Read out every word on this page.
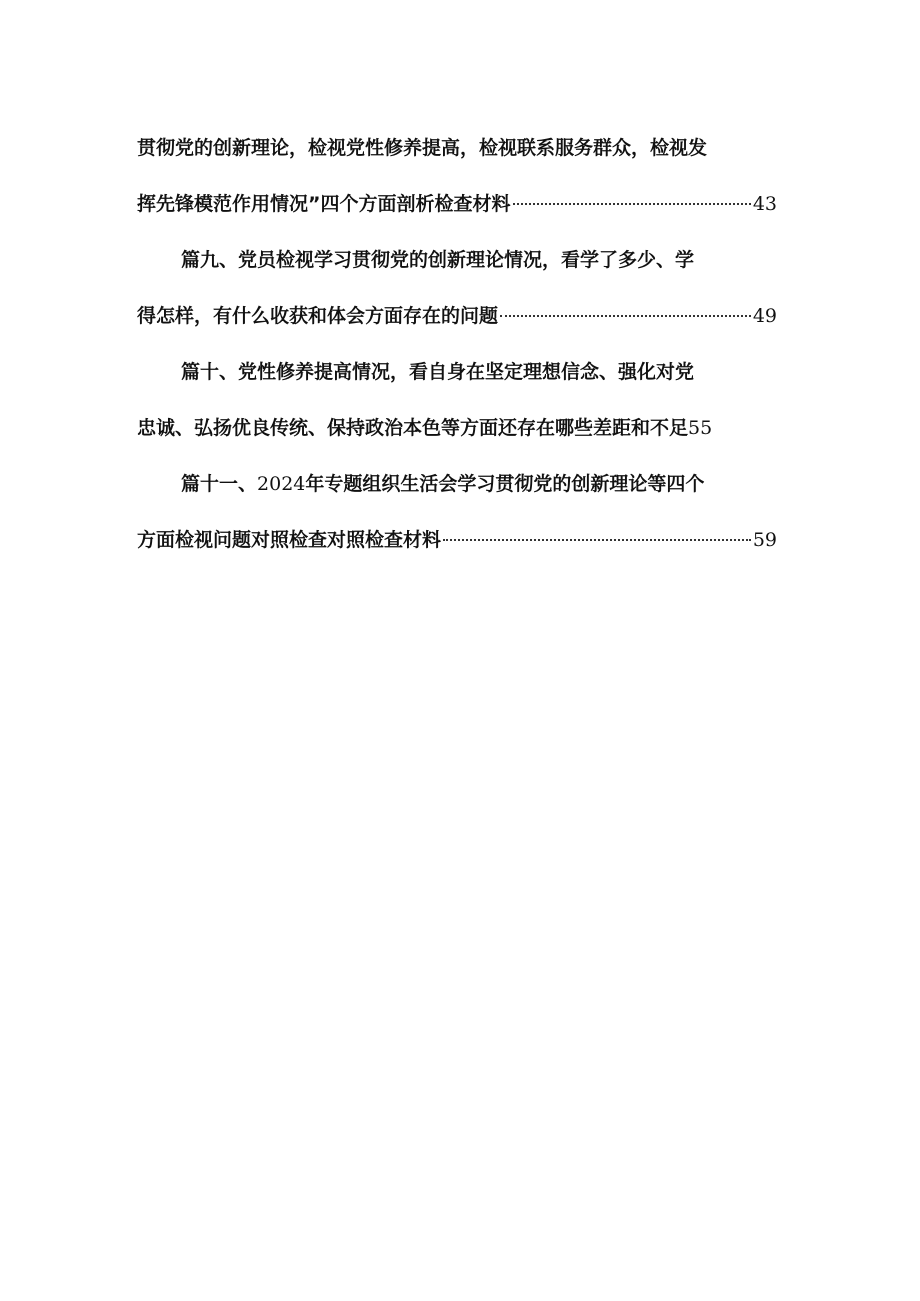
贯彻党的创新理论，检视党性修养提高，检视联系服务群众，检视发
挥先锋模范作用情况”四个方面剖析检查材料	43
篇九、党员检视学习贯彻党的创新理论情况，看学了多少、学
得怎样，有什么收获和体会方面存在的问题	49
篇十、党性修养提高情况，看自身在坚定理想信念、强化对党
忠诚、弘扬优良传统、保持政治本色等方面还存在哪些差距和不足 55
篇十一、2024年专题组织生活会学习贯彻党的创新理论等四个
方面检视问题对照检查对照检查材料	59
